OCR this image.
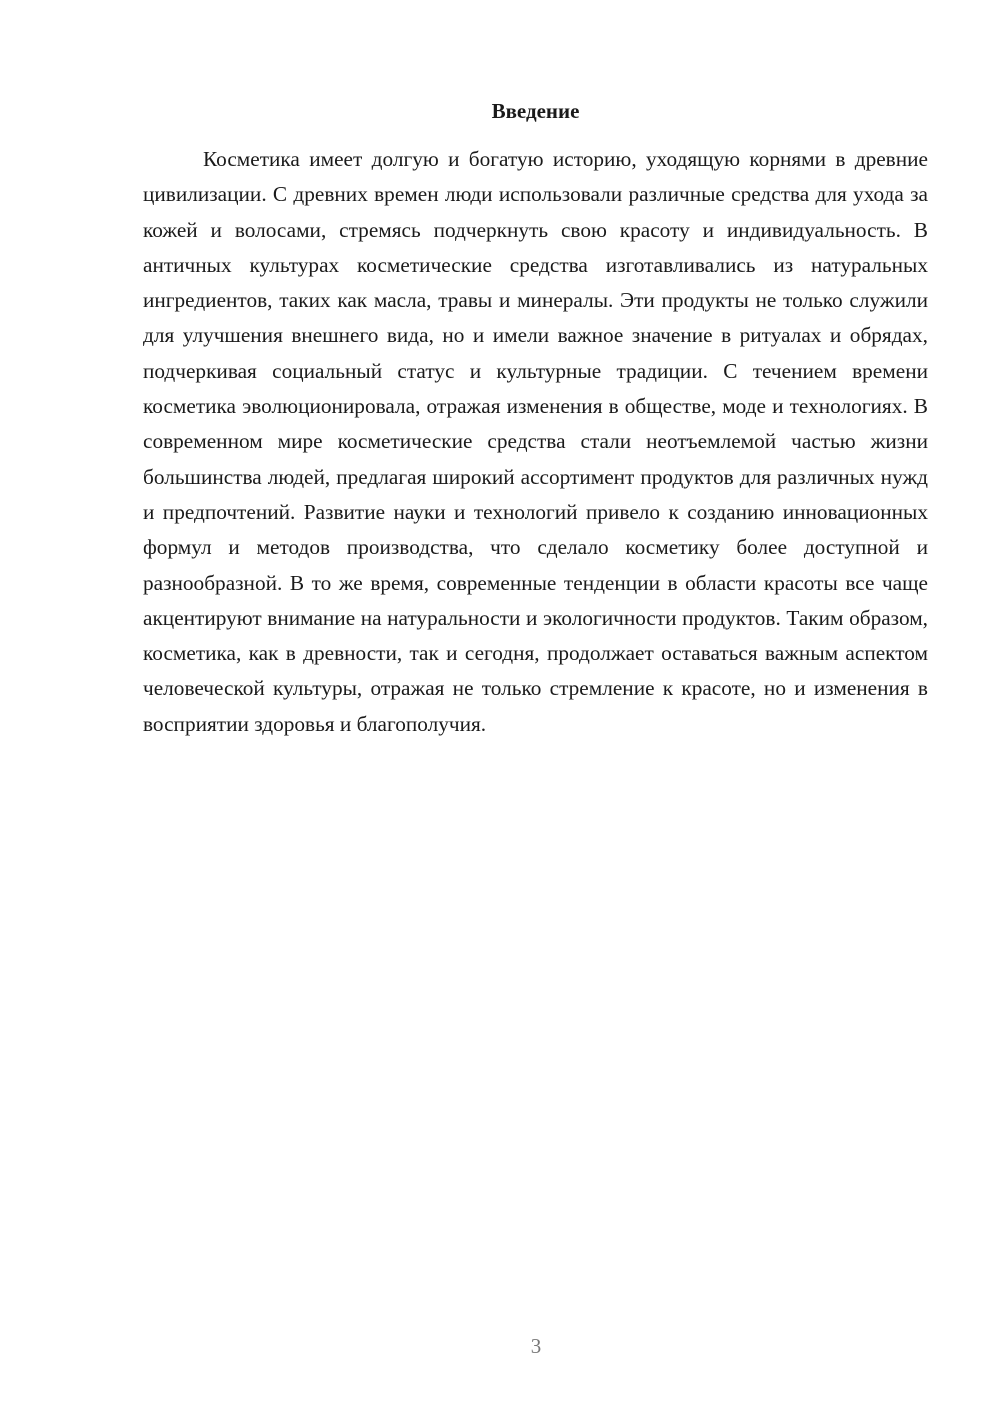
Введение

Косметика имеет долгую и богатую историю, уходящую корнями в древние цивилизации. С древних времен люди использовали различные средства для ухода за кожей и волосами, стремясь подчеркнуть свою красоту и индивидуальность. В античных культурах косметические средства изготавливались из натуральных ингредиентов, таких как масла, травы и минералы. Эти продукты не только служили для улучшения внешнего вида, но и имели важное значение в ритуалах и обрядах, подчеркивая социальный статус и культурные традиции. С течением времени косметика эволюционировала, отражая изменения в обществе, моде и технологиях. В современном мире косметические средства стали неотъемлемой частью жизни большинства людей, предлагая широкий ассортимент продуктов для различных нужд и предпочтений. Развитие науки и технологий привело к созданию инновационных формул и методов производства, что сделало косметику более доступной и разнообразной. В то же время, современные тенденции в области красоты все чаще акцентируют внимание на натуральности и экологичности продуктов. Таким образом, косметика, как в древности, так и сегодня, продолжает оставаться важным аспектом человеческой культуры, отражая не только стремление к красоте, но и изменения в восприятии здоровья и благополучия.

3
